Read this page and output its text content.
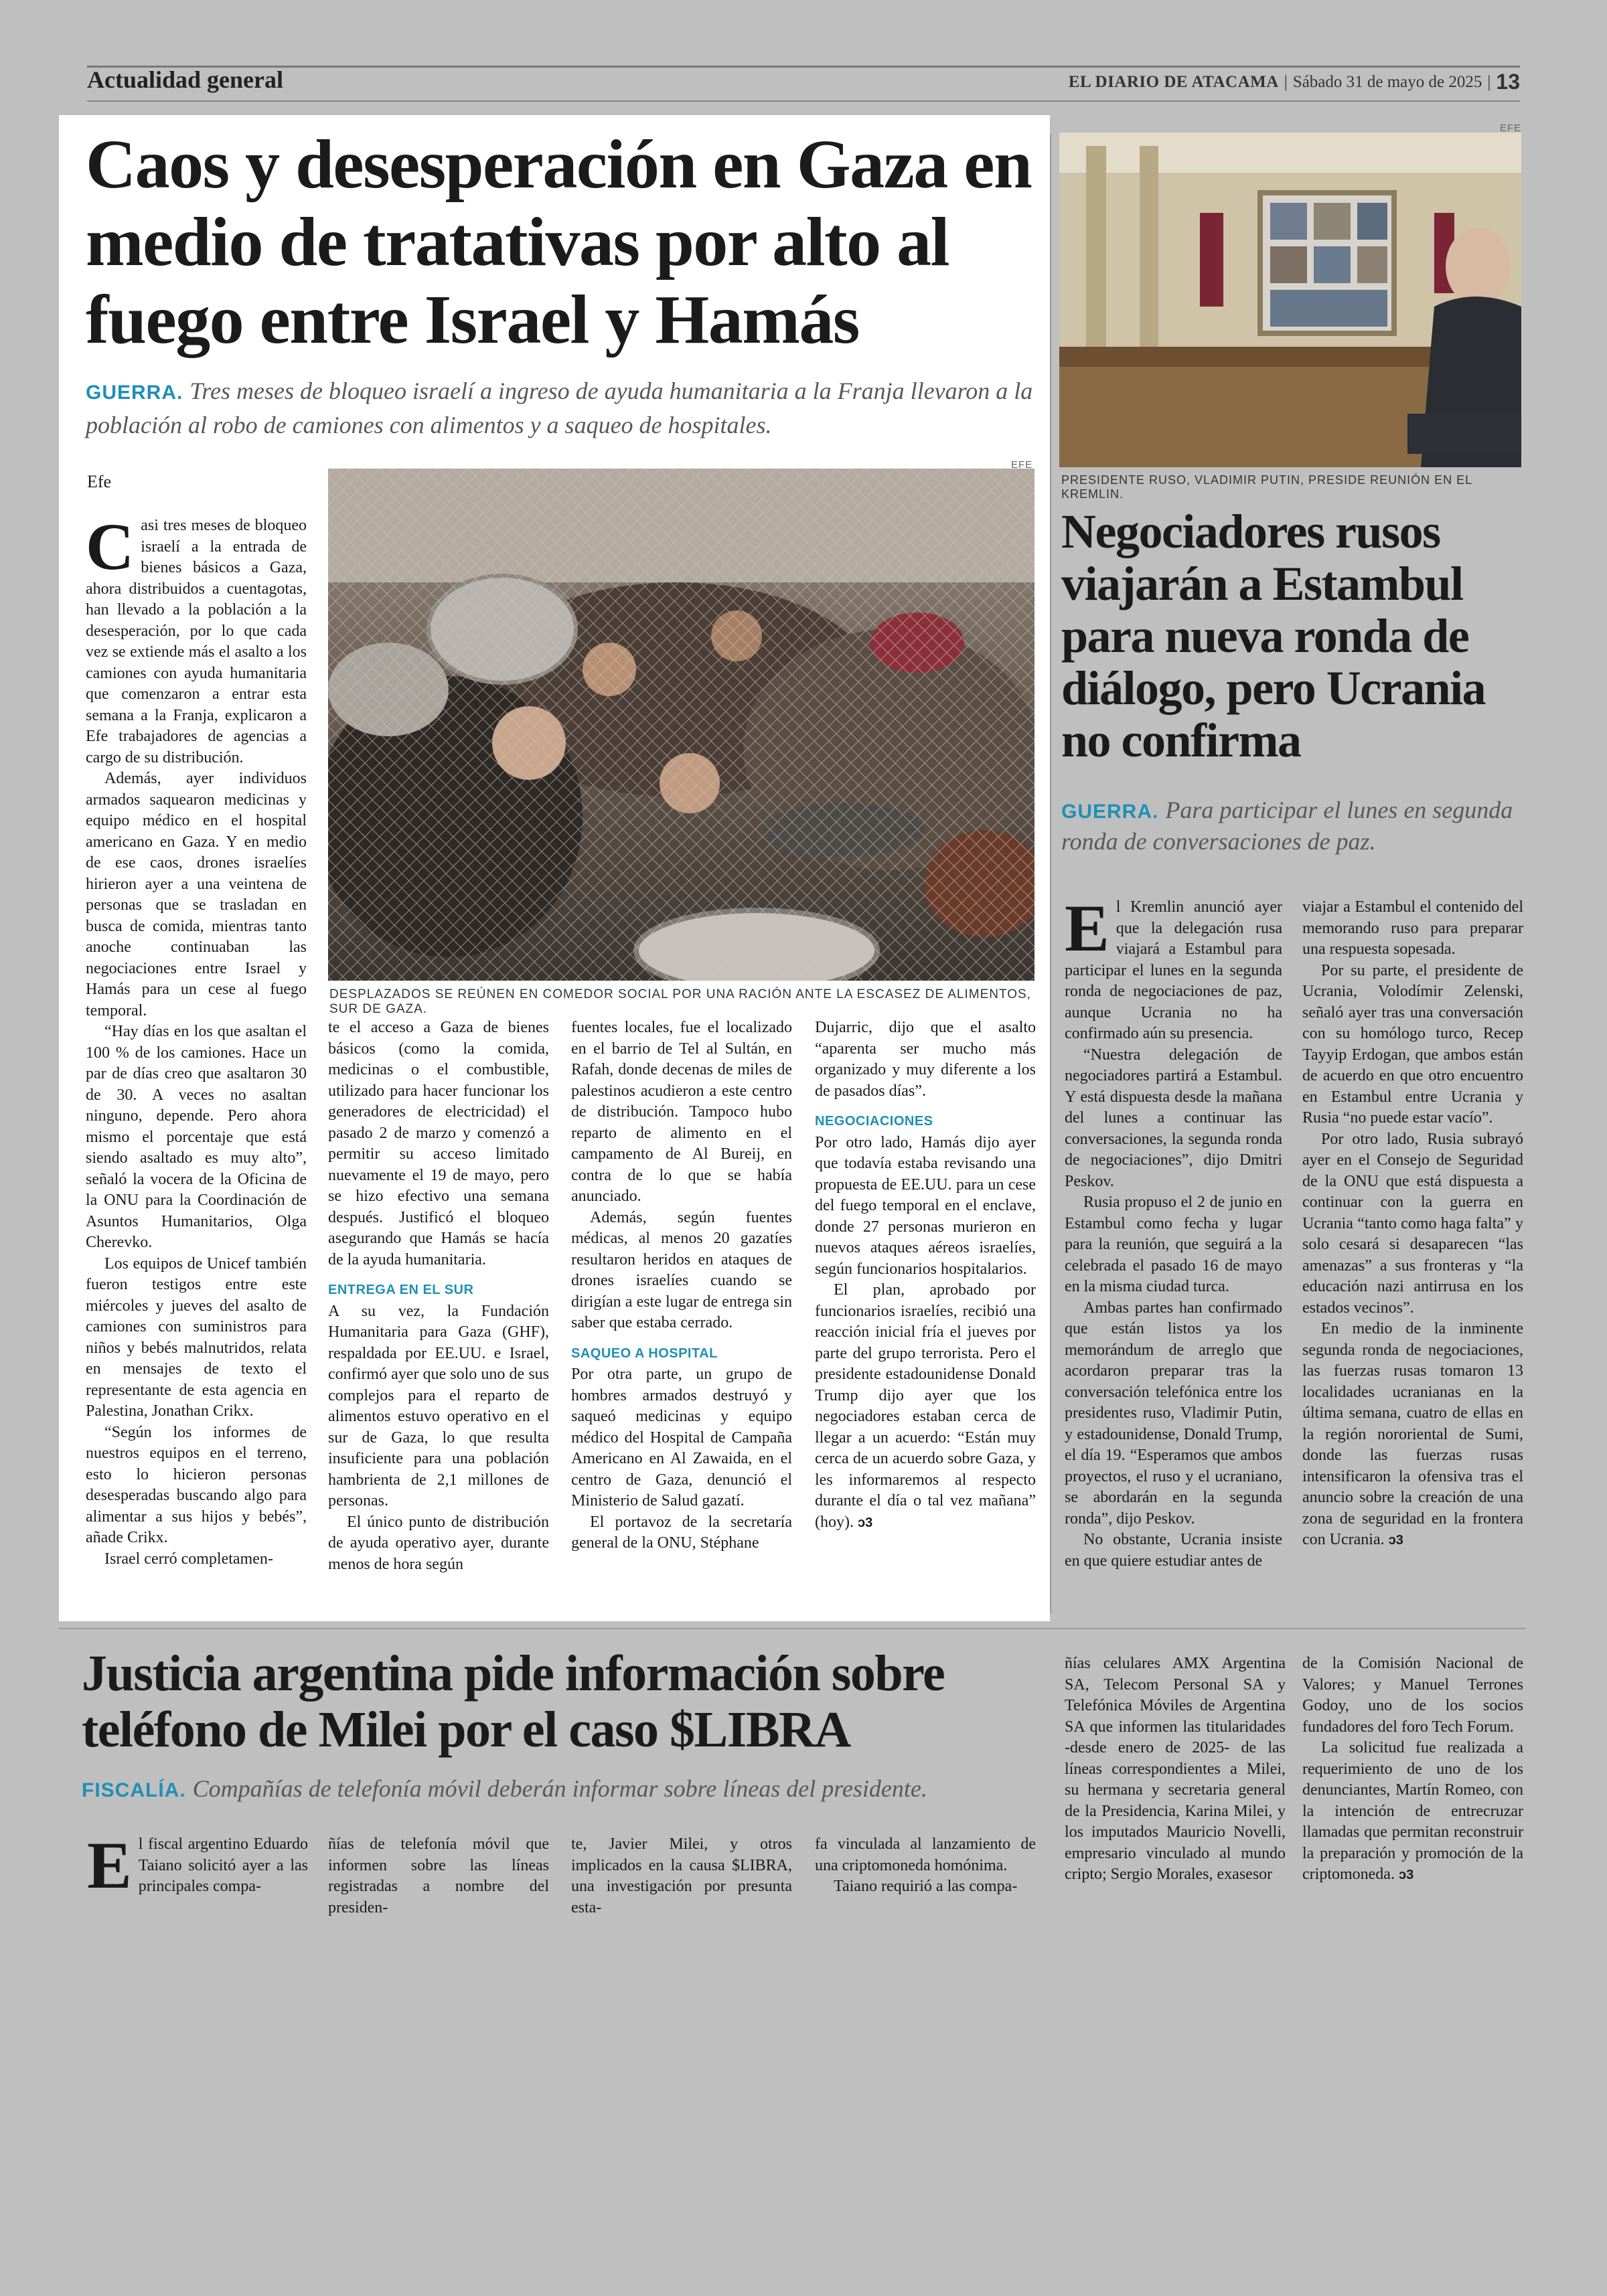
Actualidad general	EL DIARIO DE ATACAMA | Sábado 31 de mayo de 2025 | 13
Caos y desesperación en Gaza en medio de tratativas por alto al fuego entre Israel y Hamás
GUERRA. Tres meses de bloqueo israelí a ingreso de ayuda humanitaria a la Franja llevaron a la población al robo de camiones con alimentos y a saqueo de hospitales.
Efe
EFE
DESPLAZADOS SE REÚNEN EN COMEDOR SOCIAL POR UNA RACIÓN ANTE LA ESCASEZ DE ALIMENTOS, SUR DE GAZA.

Casi tres meses de bloqueo israelí a la entrada de bienes básicos a Gaza, ahora distribuidos a cuentagotas, han llevado a la población a la desesperación, por lo que cada vez se extiende más el asalto a los camiones con ayuda humanitaria que comenzaron a entrar esta semana a la Franja, explicaron a Efe trabajadores de agencias a cargo de su distribución.

Además, ayer individuos armados saquearon medicinas y equipo médico en el hospital americano en Gaza. Y en medio de ese caos, drones israelíes hirieron ayer a una veintena de personas que se trasladan en busca de comida, mientras tanto anoche continuaban las negociaciones entre Israel y Hamás para un cese al fuego temporal.

“Hay días en los que asaltan el 100 % de los camiones. Hace un par de días creo que asaltaron 30 de 30. A veces no asaltan ninguno, depende. Pero ahora mismo el porcentaje que está siendo asaltado es muy alto”, señaló la vocera de la Oficina de la ONU para la Coordinación de Asuntos Humanitarios, Olga Cherevko.

Los equipos de Unicef también fueron testigos entre este miércoles y jueves del asalto de camiones con suministros para niños y bebés malnutridos, relata en mensajes de texto el representante de esta agencia en Palestina, Jonathan Crikx.

“Según los informes de nuestros equipos en el terreno, esto lo hicieron personas desesperadas buscando algo para alimentar a sus hijos y bebés”, añade Crikx.

Israel cerró completamen-

te el acceso a Gaza de bienes básicos (como la comida, medicinas o el combustible, utilizado para hacer funcionar los generadores de electricidad) el pasado 2 de marzo y comenzó a permitir su acceso limitado nuevamente el 19 de mayo, pero se hizo efectivo una semana después. Justificó el bloqueo asegurando que Hamás se hacía de la ayuda humanitaria.

ENTREGA EN EL SUR

A su vez, la Fundación Humanitaria para Gaza (GHF), respaldada por EE.UU. e Israel, confirmó ayer que solo uno de sus complejos para el reparto de alimentos estuvo operativo en el sur de Gaza, lo que resulta insuficiente para una población hambrienta de 2,1 millones de personas.

El único punto de distribución de ayuda operativo ayer, durante menos de hora según

fuentes locales, fue el localizado en el barrio de Tel al Sultán, en Rafah, donde decenas de miles de palestinos acudieron a este centro de distribución. Tampoco hubo reparto de alimento en el campamento de Al Bureij, en contra de lo que se había anunciado.

Además, según fuentes médicas, al menos 20 gazatíes resultaron heridos en ataques de drones israelíes cuando se dirigían a este lugar de entrega sin saber que estaba cerrado.

SAQUEO A HOSPITAL

Por otra parte, un grupo de hombres armados destruyó y saqueó medicinas y equipo médico del Hospital de Campaña Americano en Al Zawaida, en el centro de Gaza, denunció el Ministerio de Salud gazatí.

El portavoz de la secretaría general de la ONU, Stéphane

Dujarric, dijo que el asalto “aparenta ser mucho más organizado y muy diferente a los de pasados días”.

NEGOCIACIONES

Por otro lado, Hamás dijo ayer que todavía estaba revisando una propuesta de EE.UU. para un cese del fuego temporal en el enclave, donde 27 personas murieron en nuevos ataques aéreos israelíes, según funcionarios hospitalarios.

El plan, aprobado por funcionarios israelíes, recibió una reacción inicial fría el jueves por parte del grupo terrorista. Pero el presidente estadounidense Donald Trump dijo ayer que los negociadores estaban cerca de llegar a un acuerdo: “Están muy cerca de un acuerdo sobre Gaza, y les informaremos al respecto durante el día o tal vez mañana” (hoy). ↄ3

EFE
PRESIDENTE RUSO, VLADIMIR PUTIN, PRESIDE REUNIÓN EN EL KREMLIN.
Negociadores rusos viajarán a Estambul para nueva ronda de diálogo, pero Ucrania no confirma
GUERRA. Para participar el lunes en segunda ronda de conversaciones de paz.

El Kremlin anunció ayer que la delegación rusa viajará a Estambul para participar el lunes en la segunda ronda de negociaciones de paz, aunque Ucrania no ha confirmado aún su presencia.

“Nuestra delegación de negociadores partirá a Estambul. Y está dispuesta desde la mañana del lunes a continuar las conversaciones, la segunda ronda de negociaciones”, dijo Dmitri Peskov.

Rusia propuso el 2 de junio en Estambul como fecha y lugar para la reunión, que seguirá a la celebrada el pasado 16 de mayo en la misma ciudad turca.

Ambas partes han confirmado que están listos ya los memorándum de arreglo que acordaron preparar tras la conversación telefónica entre los presidentes ruso, Vladimir Putin, y estadounidense, Donald Trump, el día 19. “Esperamos que ambos proyectos, el ruso y el ucraniano, se abordarán en la segunda ronda”, dijo Peskov.

No obstante, Ucrania insiste en que quiere estudiar antes de

viajar a Estambul el contenido del memorando ruso para preparar una respuesta sopesada.

Por su parte, el presidente de Ucrania, Volodímir Zelenski, señaló ayer tras una conversación con su homólogo turco, Recep Tayyip Erdogan, que ambos están de acuerdo en que otro encuentro en Estambul entre Ucrania y Rusia “no puede estar vacío”.

Por otro lado, Rusia subrayó ayer en el Consejo de Seguridad de la ONU que está dispuesta a continuar con la guerra en Ucrania “tanto como haga falta” y solo cesará si desaparecen “las amenazas” a sus fronteras y “la educación nazi antirrusa en los estados vecinos”.

En medio de la inminente segunda ronda de negociaciones, las fuerzas rusas tomaron 13 localidades ucranianas en la última semana, cuatro de ellas en la región nororiental de Sumi, donde las fuerzas rusas intensificaron la ofensiva tras el anuncio sobre la creación de una zona de seguridad en la frontera con Ucrania. ↄ3

Justicia argentina pide información sobre teléfono de Milei por el caso $LIBRA
FISCALÍA. Compañías de telefonía móvil deberán informar sobre líneas del presidente.

El fiscal argentino Eduardo Taiano solicitó ayer a las principales compa-

ñías de telefonía móvil que informen sobre las líneas registradas a nombre del presiden-

te, Javier Milei, y otros implicados en la causa $LIBRA, una investigación por presunta esta-

fa vinculada al lanzamiento de una criptomoneda homónima.

Taiano requirió a las compa-

ñías celulares AMX Argentina SA, Telecom Personal SA y Telefónica Móviles de Argentina SA que informen las titularidades -desde enero de 2025- de las líneas correspondientes a Milei, su hermana y secretaria general de la Presidencia, Karina Milei, y los imputados Mauricio Novelli, empresario vinculado al mundo cripto; Sergio Morales, exasesor

de la Comisión Nacional de Valores; y Manuel Terrones Godoy, uno de los socios fundadores del foro Tech Forum.

La solicitud fue realizada a requerimiento de uno de los denunciantes, Martín Romeo, con la intención de entrecruzar llamadas que permitan reconstruir la preparación y promoción de la criptomoneda. ↄ3
